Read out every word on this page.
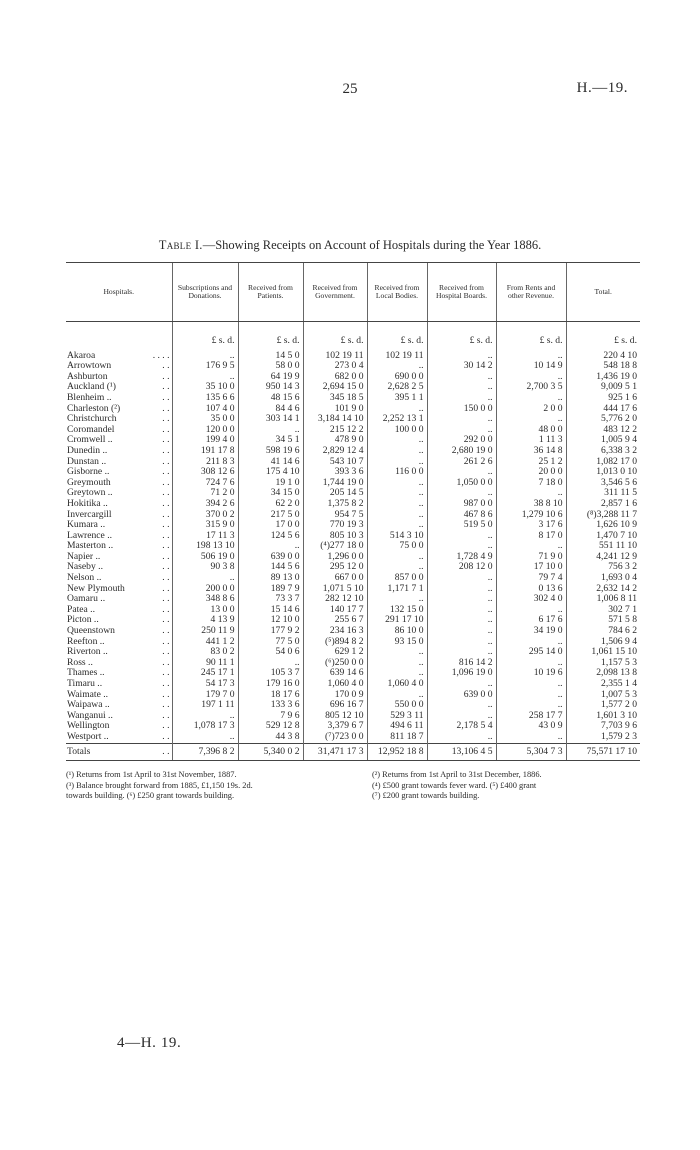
25	H.—19.
Table I.—Showing Receipts on Account of Hospitals during the Year 1886.
Hospitals.	Subscriptions and Donations.	Received from Patients.	Received from Government.	Received from Local Bodies.	Received from Hospital Boards.	From Rents and other Revenue.	Total.
	£ s. d.	£ s. d.	£ s. d.	£ s. d.	£ s. d.	£ s. d.	£ s. d.

Akaroa . . . .	..	14 5 0	102 19 11	102 19 11	..	..	220 4 10
Arrowtown . .	176 9 5	58 0 0	273 0 4	..	30 14 2	10 14 9	548 18 8
Ashburton . .	..	64 19 9	682 0 0	690 0 0	..	..	1,436 19 0
Auckland (¹) . .	35 10 0	950 14 3	2,694 15 0	2,628 2 5	..	2,700 3 5	9,009 5 1
Blenheim .. . .	135 6 6	48 15 6	345 18 5	395 1 1	..	..	925 1 6
Charleston (²) . .	107 4 0	84 4 6	101 9 0	..	150 0 0	2 0 0	444 17 6
Christchurch . .	35 0 0	303 14 1	3,184 14 10	2,252 13 1	..	..	5,776 2 0
Coromandel . .	120 0 0	..	215 12 2	100 0 0	..	48 0 0	483 12 2
Cromwell .. . .	199 4 0	34 5 1	478 9 0	..	292 0 0	1 11 3	1,005 9 4
Dunedin .. . .	191 17 8	598 19 6	2,829 12 4	..	2,680 19 0	36 14 8	6,338 3 2
Dunstan .. . .	211 8 3	41 14 6	543 10 7	..	261 2 6	25 1 2	1,082 17 0
Gisborne .. . .	308 12 6	175 4 10	393 3 6	116 0 0	..	20 0 0	1,013 0 10
Greymouth . .	724 7 6	19 1 0	1,744 19 0	..	1,050 0 0	7 18 0	3,546 5 6
Greytown .. . .	71 2 0	34 15 0	205 14 5	..	..	..	311 11 5
Hokitika .. . .	394 2 6	62 2 0	1,375 8 2	..	987 0 0	38 8 10	2,857 1 6
Invercargill . .	370 0 2	217 5 0	954 7 5	..	467 8 6	1,279 10 6	(⁸)3,288 11 7
Kumara .. . .	315 9 0	17 0 0	770 19 3	..	519 5 0	3 17 6	1,626 10 9
Lawrence .. . .	17 11 3	124 5 6	805 10 3	514 3 10	..	8 17 0	1,470 7 10
Masterton .. . .	198 13 10	..	(⁴)277 18 0	75 0 0	..	..	551 11 10
Napier .. . .	506 19 0	639 0 0	1,296 0 0	..	1,728 4 9	71 9 0	4,241 12 9
Naseby .. . .	90 3 8	144 5 6	295 12 0	..	208 12 0	17 10 0	756 3 2
Nelson .. . .	..	89 13 0	667 0 0	857 0 0	..	79 7 4	1,693 0 4
New Plymouth . .	200 0 0	189 7 9	1,071 5 10	1,171 7 1	..	0 13 6	2,632 14 2
Oamaru .. . .	348 8 6	73 3 7	282 12 10	..	..	302 4 0	1,006 8 11
Patea .. . .	13 0 0	15 14 6	140 17 7	132 15 0	..	..	302 7 1
Picton .. . .	4 13 9	12 10 0	255 6 7	291 17 10	..	6 17 6	571 5 8
Queenstown . .	250 11 9	177 9 2	234 16 3	86 10 0	..	34 19 0	784 6 2
Reefton .. . .	441 1 2	77 5 0	(⁵)894 8 2	93 15 0	..	..	1,506 9 4
Riverton .. . .	83 0 2	54 0 6	629 1 2	..	..	295 14 0	1,061 15 10
Ross .. . .	90 11 1	..	(⁶)250 0 0	..	816 14 2	..	1,157 5 3
Thames .. . .	245 17 1	105 3 7	639 14 6	..	1,096 19 0	10 19 6	2,098 13 8
Timaru .. . .	54 17 3	179 16 0	1,060 4 0	1,060 4 0	..	..	2,355 1 4
Waimate .. . .	179 7 0	18 17 6	170 0 9	..	639 0 0	..	1,007 5 3
Waipawa .. . .	197 1 11	133 3 6	696 16 7	550 0 0	..	..	1,577 2 0
Wanganui .. . .	..	7 9 6	805 12 10	529 3 11	..	258 17 7	1,601 3 10
Wellington . .	1,078 17 3	529 12 8	3,379 6 7	494 6 11	2,178 5 4	43 0 9	7,703 9 6
Westport .. . .	..	44 3 8	(⁷)723 0 0	811 18 7	..	..	1,579 2 3
Totals . .	7,396 8 2	5,340 0 2	31,471 17 3	12,952 18 8	13,106 4 5	5,304 7 3	75,571 17 10

(¹) Returns from 1st April to 31st November, 1887.

(³) Balance brought forward from 1885, £1,150 19s. 2d.

towards building. (⁶) £250 grant towards building.

(²) Returns from 1st April to 31st December, 1886.

(⁴) £500 grant towards fever ward. (⁵) £400 grant

(⁷) £200 grant towards building.

4—H. 19.
